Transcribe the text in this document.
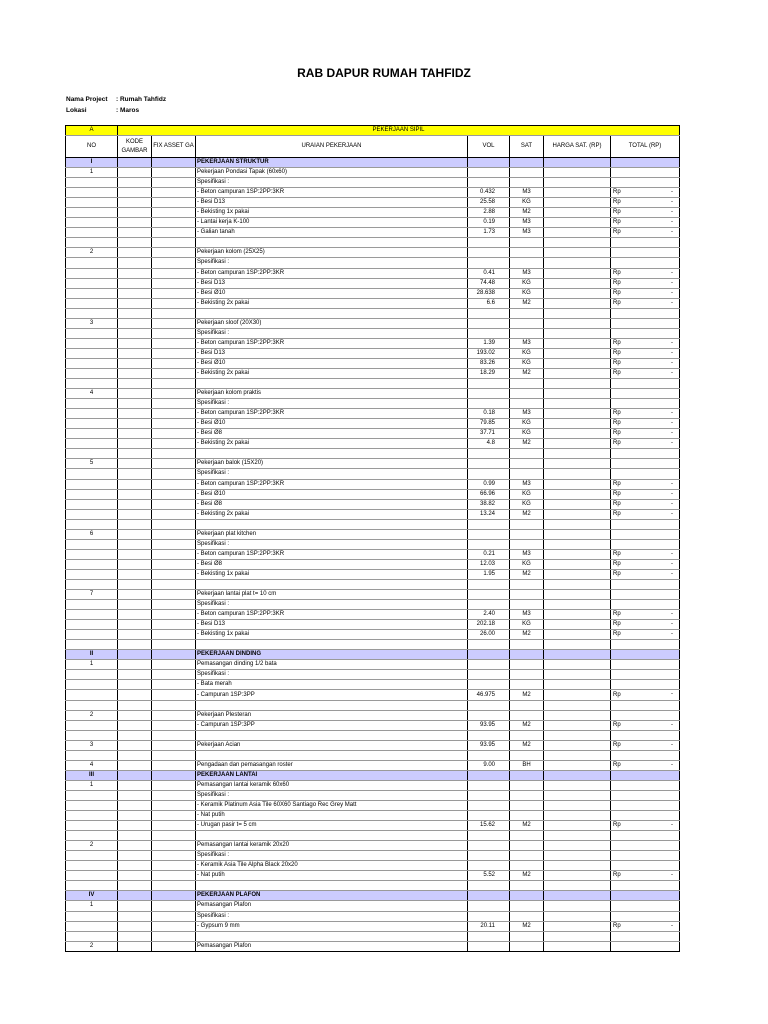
RAB DAPUR RUMAH TAHFIDZ
Nama Project : Rumah Tahfidz
Lokasi	: Maros
A	PEKERJAAN SIPIL						
NO	KODE GAMBAR	FIX ASSET GA	URAIAN PEKERJAAN	VOL	SAT	HARGA SAT. (RP)	TOTAL (RP)
I			PEKERJAAN STRUKTUR				
1			Pekerjaan Pondasi Tapak (60x60)				
			Spesifikasi :				
			- Beton campuran 1SP:2PP:3KR	0.432	M3		Rp -

			- Besi D13	25.58	KG		Rp -

			- Bekisting 1x pakai	2.88	M2		Rp -

			- Lantai kerja K-100	0.19	M3		Rp -

			- Galian tanah	1.73	M3		Rp -

2			Pekerjaan kolom (25X25)				
			Spesifikasi :				
			- Beton campuran 1SP:2PP:3KR	0.41	M3		Rp -

			- Besi D13	74.48	KG		Rp -

			- Besi Ø10	28.638	KG		Rp -

			- Bekisting 2x pakai	6.6	M2		Rp -

3			Pekerjaan sloof (20X30)				
			Spesifikasi :				
			- Beton campuran 1SP:2PP:3KR	1.39	M3		Rp -

			- Besi D13	193.02	KG		Rp -

			- Besi Ø10	83.26	KG		Rp -

			- Bekisting 2x pakai	18.29	M2		Rp -

4			Pekerjaan kolom praktis				
			Spesifikasi :				
			- Beton campuran 1SP:2PP:3KR	0.18	M3		Rp -

			- Besi Ø10	79.85	KG		Rp -

			- Besi Ø8	37.71	KG		Rp -

			- Bekisting 2x pakai	4.8	M2		Rp -

5			Pekerjaan balok (15X20)				
			Spesifikasi :				
			- Beton campuran 1SP:2PP:3KR	0.99	M3		Rp -

			- Besi Ø10	66.96	KG		Rp -

			- Besi Ø8	38.82	KG		Rp -

			- Bekisting 2x pakai	13.24	M2		Rp -

6			Pekerjaan plat kitchen				
			Spesifikasi :				
			- Beton campuran 1SP:2PP:3KR	0.21	M3		Rp -

			- Besi Ø8	12.03	KG		Rp -

			- Bekisting 1x pakai	1.95	M2		Rp -

7			Pekerjaan lantai plat t= 10 cm				
			Spesifikasi :				
			- Beton campuran 1SP:2PP:3KR	2.40	M3		Rp -

			- Besi D13	202.18	KG		Rp -

			- Bekisting 1x pakai	26.00	M2		Rp -

II			PEKERJAAN DINDING				
1			Pemasangan dinding 1/2 bata				
			Spesifikasi :				
			- Bata merah				
			- Campuran 1SP:3PP	46.975	M2		Rp -

2			Pekerjaan Plesteran				
			- Campuran 1SP:3PP	93.95	M2		Rp -

3			Pekerjaan Acian	93.95	M2		Rp -

4			Pengadaan dan pemasangan roster	9.00	BH		Rp -

III			PEKERJAAN LANTAI				
1			Pemasangan lantai keramik 60x60				
			Spesifikasi :				
			- Keramik Platinum Asia Tile 60X60 Santiago Rec Grey Matt				
			- Nat putih				
			- Urugan pasir t= 5 cm	15.62	M2		Rp -

2			Pemasangan lantai keramik 20x20				
			Spesifikasi :				
			- Keramik Asia Tile Alpha Black 20x20				
			- Nat putih	5.52	M2		Rp -

IV			PEKERJAAN PLAFON				
1			Pemasangan Plafon				
			Spesifikasi :				
			- Gypsum 9 mm	20.11	M2		Rp -

2			Pemasangan Plafon				
